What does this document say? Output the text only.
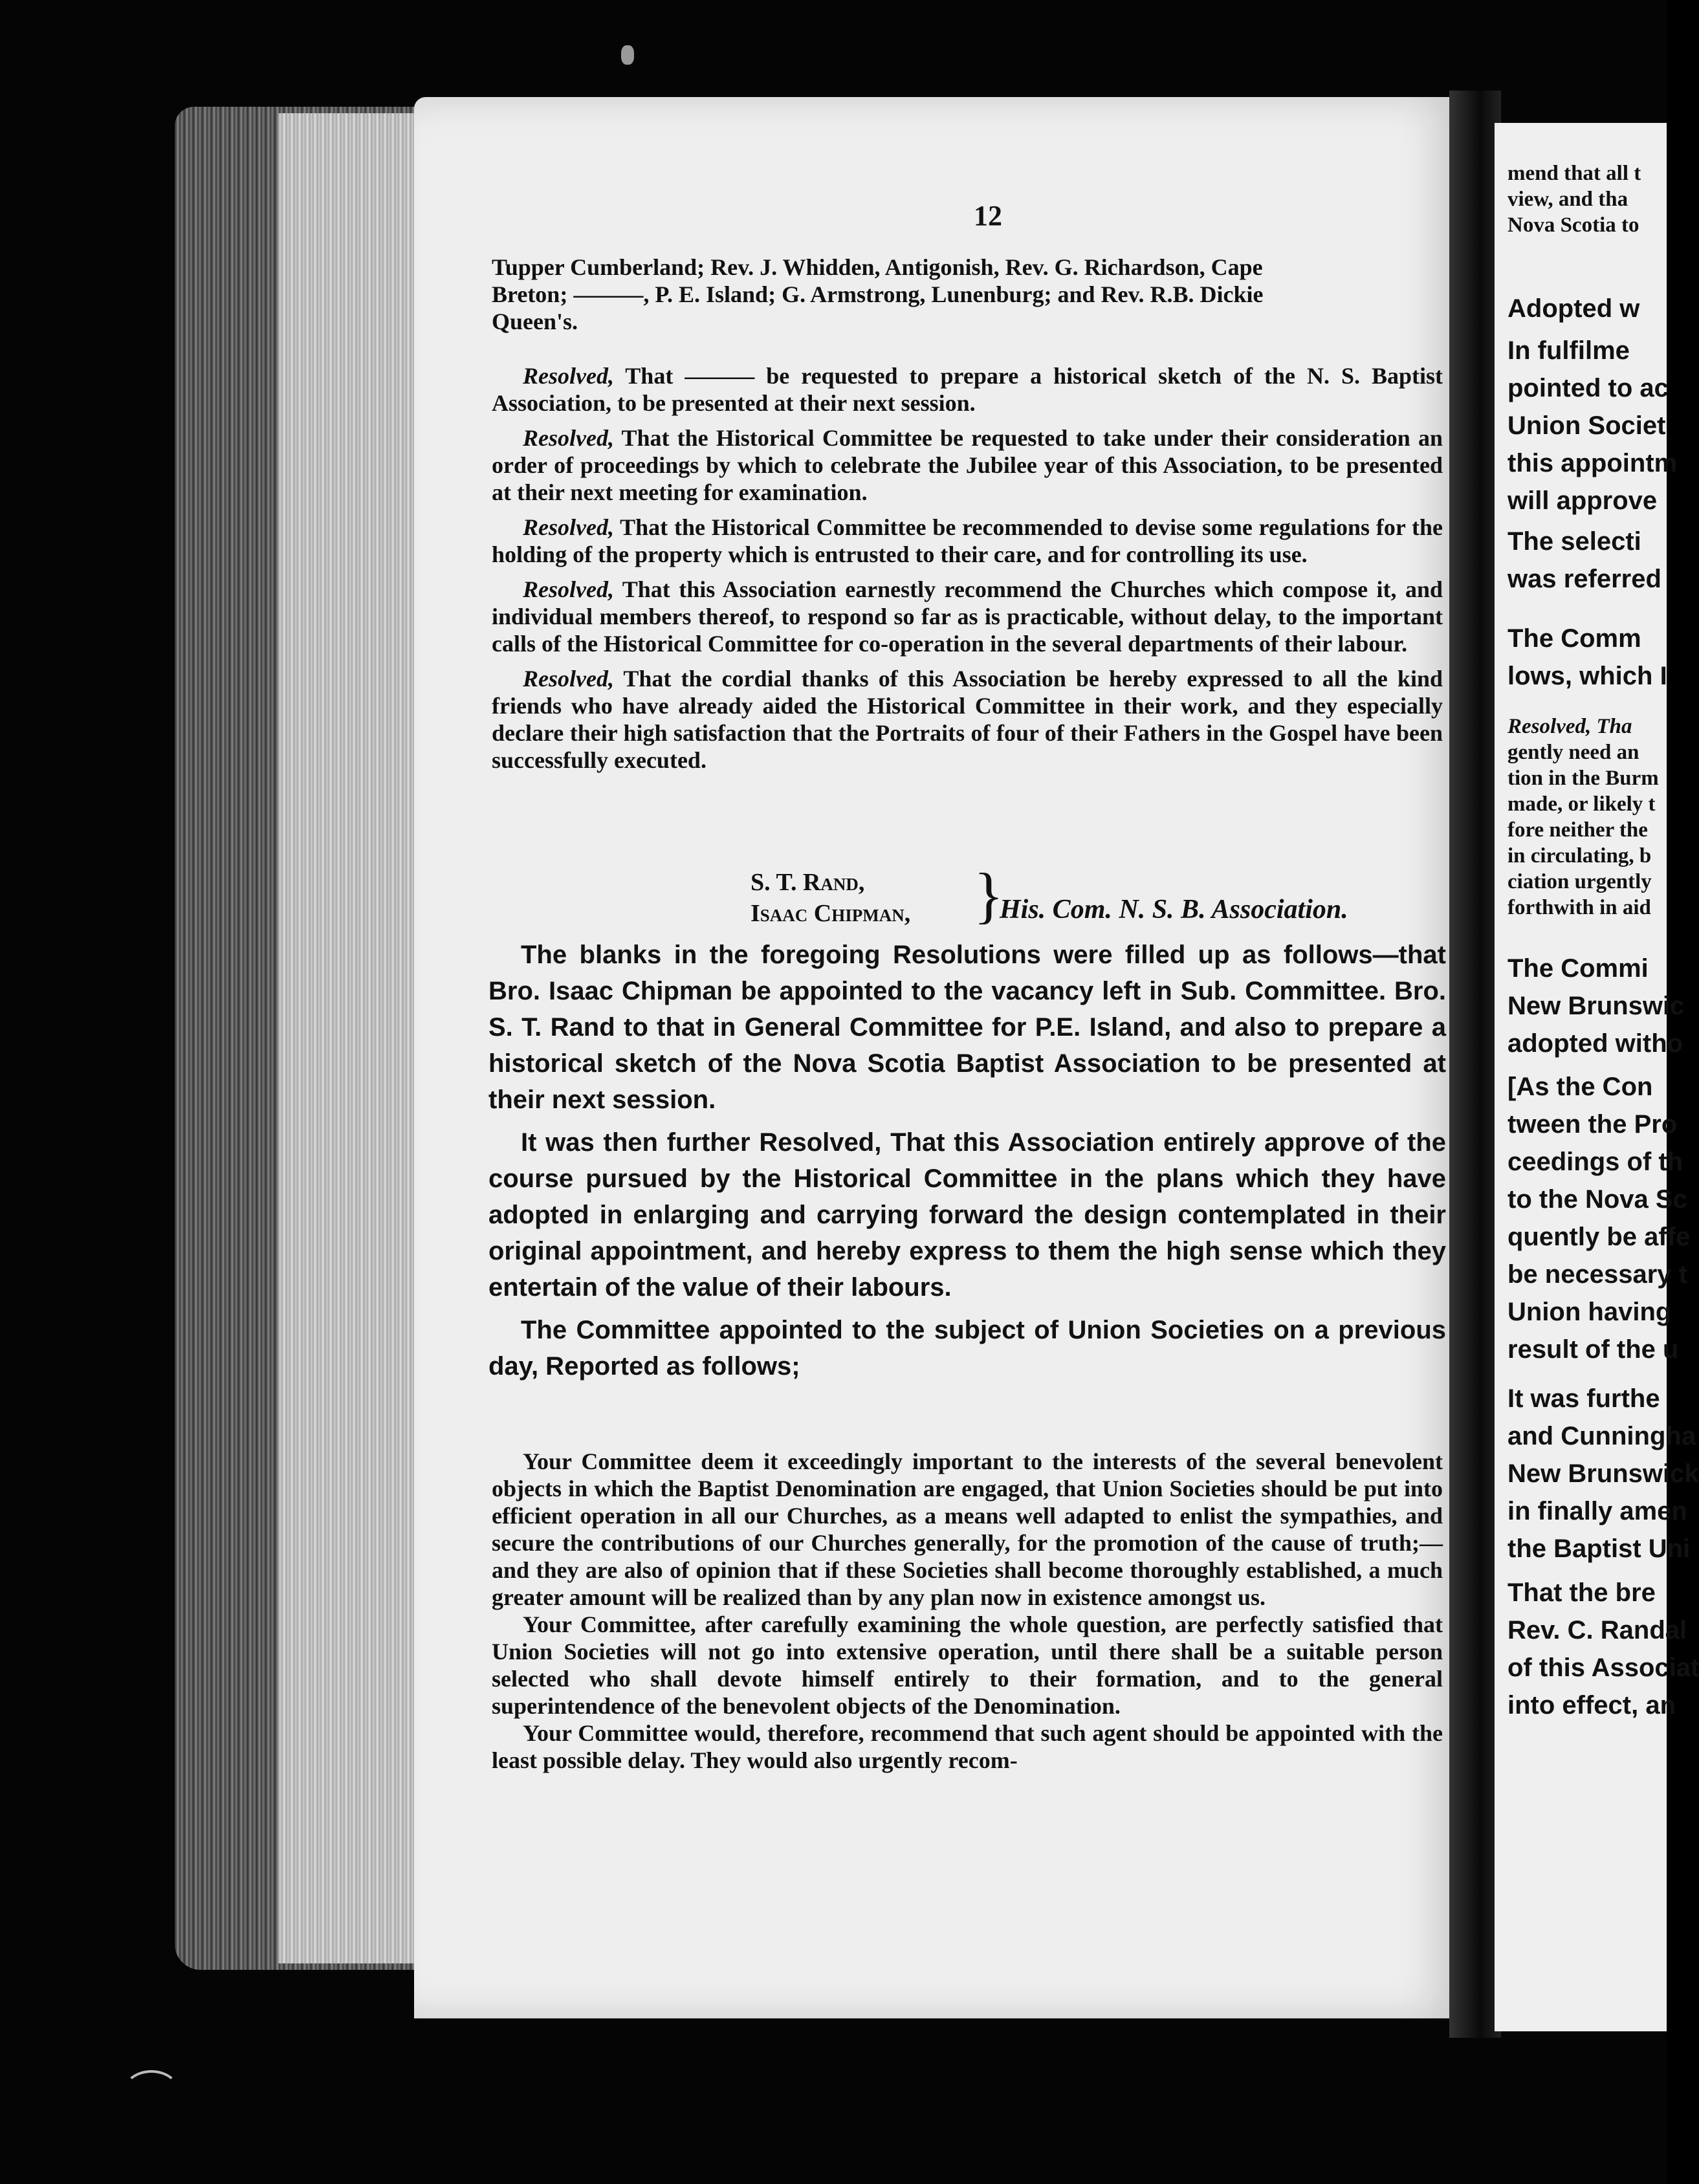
12

Tupper Cumberland; Rev. J. Whidden, Antigonish, Rev. G. Richardson, Cape

Breton; ———, P. E. Island; G. Armstrong, Lunenburg; and Rev. R.B. Dickie

Queen's.

Resolved, That ——— be requested to prepare a historical sketch of the N. S. Baptist Association, to be presented at their next session.

Resolved, That the Historical Committee be requested to take under their consideration an order of proceedings by which to celebrate the Jubilee year of this Association, to be presented at their next meeting for examination.

Resolved, That the Historical Committee be recommended to devise some regulations for the holding of the property which is entrusted to their care, and for controlling its use.

Resolved, That this Association earnestly recommend the Churches which compose it, and individual members thereof, to respond so far as is practicable, without delay, to the important calls of the Historical Committee for co-operation in the several departments of their labour.

Resolved, That the cordial thanks of this Association be hereby expressed to all the kind friends who have already aided the Historical Committee in their work, and they especially declare their high satisfaction that the Portraits of four of their Fathers in the Gospel have been successfully executed.

S. T. Rand,
Isaac Chipman, }
His. Com. N. S. B. Association.

The blanks in the foregoing Resolutions were filled up as follows—that Bro. Isaac Chipman be appointed to the vacancy left in Sub. Committee. Bro. S. T. Rand to that in General Committee for P.E. Island, and also to prepare a historical sketch of the Nova Scotia Baptist Association to be presented at their next session.

It was then further Resolved, That this Association entirely approve of the course pursued by the Historical Committee in the plans which they have adopted in enlarging and carrying forward the design contemplated in their original appointment, and hereby express to them the high sense which they entertain of the value of their labours.

The Committee appointed to the subject of Union Societies on a previous day, Reported as follows;

Your Committee deem it exceedingly important to the interests of the several benevolent objects in which the Baptist Denomination are engaged, that Union Societies should be put into efficient operation in all our Churches, as a means well adapted to enlist the sympathies, and secure the contributions of our Churches generally, for the promotion of the cause of truth;—and they are also of opinion that if these Societies shall become thoroughly established, a much greater amount will be realized than by any plan now in existence amongst us.

Your Committee, after carefully examining the whole question, are perfectly satisfied that Union Societies will not go into extensive operation, until there shall be a suitable person selected who shall devote himself entirely to their formation, and to the general superintendence of the benevolent objects of the Denomination.

Your Committee would, therefore, recommend that such agent should be appointed with the least possible delay. They would also urgently recom-

mend that all t
view, and tha
Nova Scotia to
Adopted w
In fulfilme
pointed to ac
Union Societ
this appointm
will approve
The selecti
was referred
The Comm
lows, which I
Resolved, Tha
gently need an
tion in the Burm
made, or likely t
fore neither the
in circulating, b
ciation urgently
forthwith in aid
The Commi
New Brunswic
adopted witho
[As the Con
tween the Pro
ceedings of th
to the Nova Sc
quently be affe
be necessary t
Union having
result of the u
It was furthe
and Cunningha
New Brunswick
in finally amen
the Baptist Uni
That the bre
Rev. C. Randal
of this Associat
into effect, an
